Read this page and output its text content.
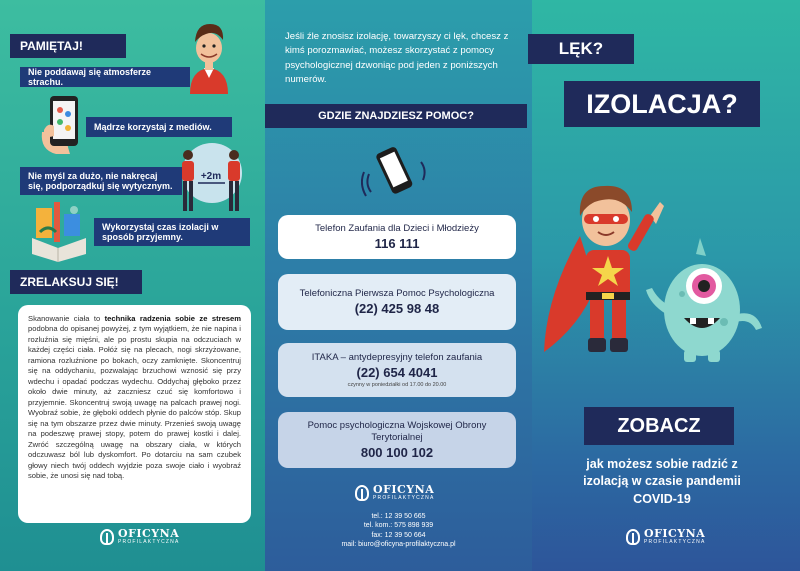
PAMIĘTAJ!
Nie poddawaj się atmosferze strachu.
Mądrze korzystaj z mediów.
Nie myśl za dużo, nie nakręcaj się, podporządkuj się wytycznym.
+2m
Wykorzystaj czas izolacji w sposób przyjemny.
ZRELAKSUJ SIĘ!
Skanowanie ciała to technika radzenia sobie ze stresem podobna do opisanej powyżej, z tym wyjątkiem, że nie napina i rozluźnia się mięśni, ale po prostu skupia na odczuciach w każdej części ciała. Połóż się na plecach, nogi skrzyżowane, ramiona rozluźnione po bokach, oczy zamknięte. Skoncentruj się na oddychaniu, pozwalając brzuchowi wznosić się przy wdechu i opadać podczas wydechu. Oddychaj głęboko przez około dwie minuty, aż zaczniesz czuć się komfortowo i przyjemnie. Skoncentruj swoją uwagę na palcach prawej nogi. Wyobraź sobie, że głęboki oddech płynie do palców stóp. Skup się na tym obszarze przez dwie minuty. Przenieś swoją uwagę na podeszwę prawej stopy, potem do prawej kostki i dalej. Zwróć szczególną uwagę na obszary ciała, w których odczuwasz ból lub dyskomfort. Po dotarciu na sam czubek głowy niech twój oddech wyjdzie poza swoje ciało i wyobraź sobie, że unosi się nad tobą.
OFICYNA
PROFILAKTYCZNA
Jeśli źle znosisz izolację, towarzyszy ci lęk, chcesz z kimś porozmawiać, możesz skorzystać z pomocy psychologicznej dzwoniąc pod jeden z poniższych numerów.
GDZIE ZNAJDZIESZ POMOC?
Telefon Zaufania dla Dzieci i Młodzieży
116 111
Telefoniczna Pierwsza Pomoc Psychologiczna
(22) 425 98 48
ITAKA – antydepresyjny telefon zaufania
(22) 654 4041
czynny w poniedziałki od 17.00 do 20.00
Pomoc psychologiczna Wojskowej Obrony Terytorialnej
800 100 102
OFICYNA
PROFILAKTYCZNA
tel.: 12 39 50 665
tel. kom.: 575 898 939
fax: 12 39 50 664
mail: biuro@oficyna-profilaktyczna.pl
LĘK?
IZOLACJA?
ZOBACZ
jak możesz sobie radzić z izolacją w czasie pandemii COVID-19
OFICYNA
PROFILAKTYCZNA
